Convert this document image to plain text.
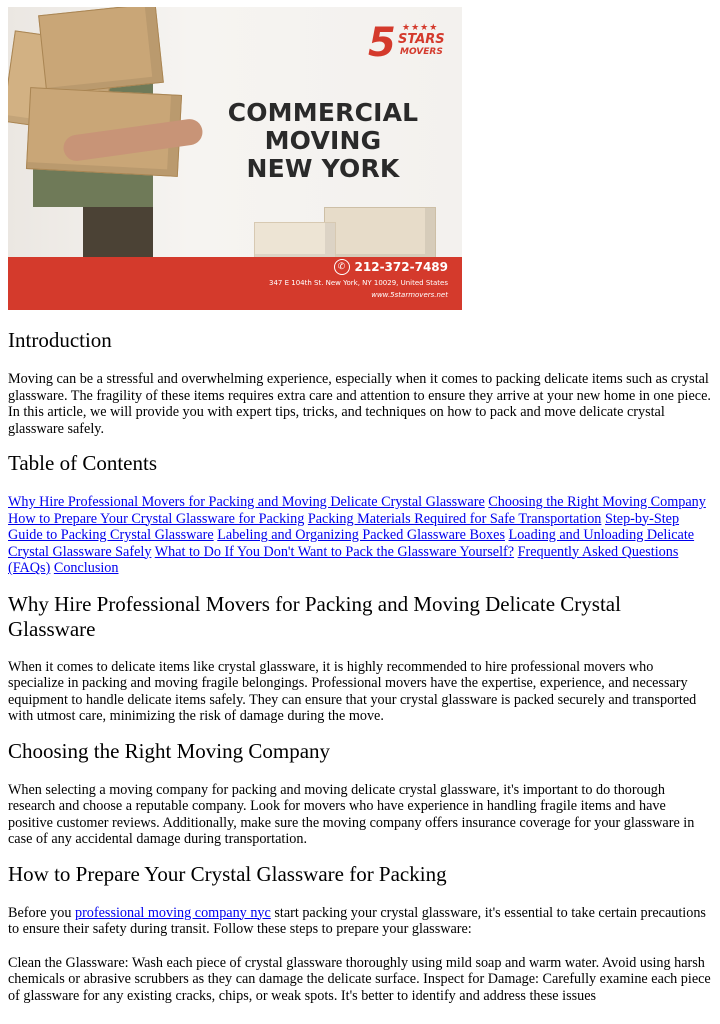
5 ★★★★
STARS
MOVERS
COMMERCIAL
MOVING
NEW YORK
✆ 212-372-7489
347 E 104th St. New York, NY 10029, United States
www.5starmovers.net
Introduction

Moving can be a stressful and overwhelming experience, especially when it comes to packing delicate items such as crystal glassware. The fragility of these items requires extra care and attention to ensure they arrive at your new home in one piece. In this article, we will provide you with expert tips, tricks, and techniques on how to pack and move delicate crystal glassware safely.

Table of Contents

Why Hire Professional Movers for Packing and Moving Delicate Crystal Glassware Choosing the Right Moving Company How to Prepare Your Crystal Glassware for Packing Packing Materials Required for Safe Transportation Step-by-Step Guide to Packing Crystal Glassware Labeling and Organizing Packed Glassware Boxes Loading and Unloading Delicate Crystal Glassware Safely What to Do If You Don't Want to Pack the Glassware Yourself? Frequently Asked Questions (FAQs) Conclusion

Why Hire Professional Movers for Packing and Moving Delicate Crystal Glassware

When it comes to delicate items like crystal glassware, it is highly recommended to hire professional movers who specialize in packing and moving fragile belongings. Professional movers have the expertise, experience, and necessary equipment to handle delicate items safely. They can ensure that your crystal glassware is packed securely and transported with utmost care, minimizing the risk of damage during the move.

Choosing the Right Moving Company

When selecting a moving company for packing and moving delicate crystal glassware, it's important to do thorough research and choose a reputable company. Look for movers who have experience in handling fragile items and have positive customer reviews. Additionally, make sure the moving company offers insurance coverage for your glassware in case of any accidental damage during transportation.

How to Prepare Your Crystal Glassware for Packing

Before you professional moving company nyc start packing your crystal glassware, it's essential to take certain precautions to ensure their safety during transit. Follow these steps to prepare your glassware:

Clean the Glassware: Wash each piece of crystal glassware thoroughly using mild soap and warm water. Avoid using harsh chemicals or abrasive scrubbers as they can damage the delicate surface. Inspect for Damage: Carefully examine each piece of glassware for any existing cracks, chips, or weak spots. It's better to identify and address these issues
